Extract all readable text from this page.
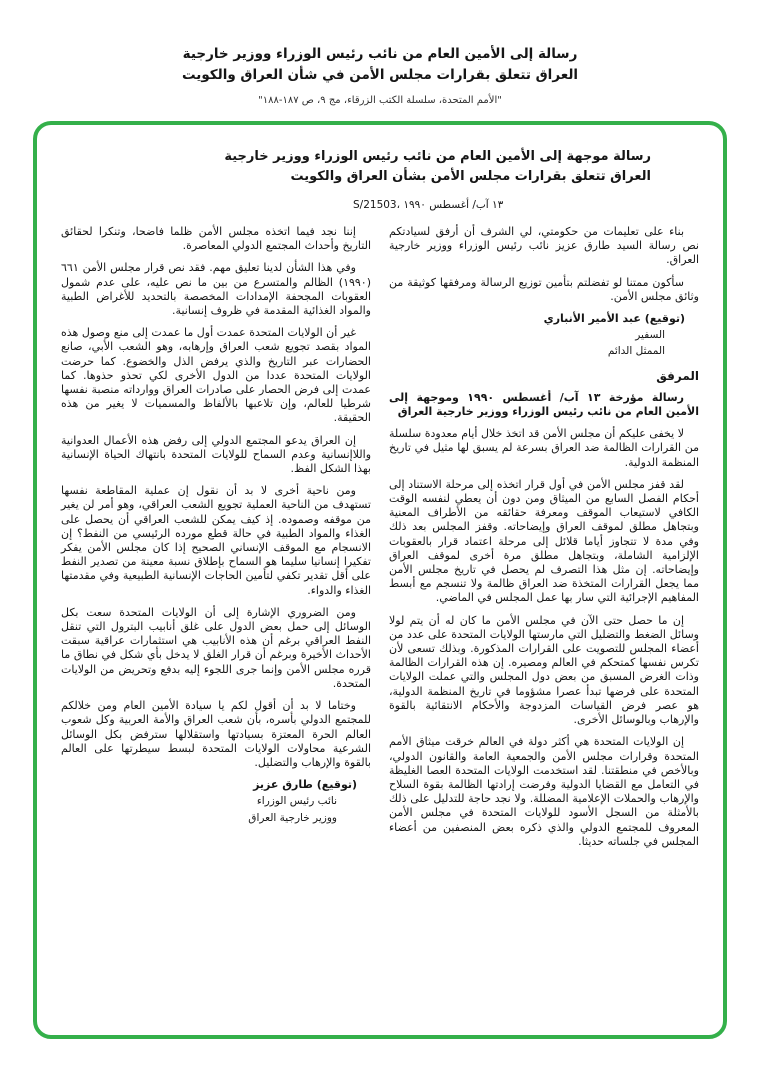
رسالة إلى الأمين العام من نائب رئيس الوزراء ووزير خارجية
العراق تتعلق بقرارات مجلس الأمن في شأن العراق والكويت
"الأمم المتحدة، سلسلة الكتب الزرقاء، مج ٩، ص ١٨٧-١٨٨"
رسالة موجهة إلى الأمين العام من نائب رئيس الوزراء ووزير خارجية
العراق تتعلق بقرارات مجلس الأمن بشأن العراق والكويت
S/21503، ١٣ آب/ أغسطس ١٩٩٠

بناء على تعليمات من حكومتي، لي الشرف أن أرفق لسيادتكم نص رسالة السيد طارق عزيز نائب رئيس الوزراء ووزير خارجية العراق.

سأكون ممتنا لو تفضلتم بتأمين توزيع الرسالة ومرفقها كوثيقة من وثائق مجلس الأمن.

(توقيع) عبد الأمير الأنباري

السفير

الممثل الدائم

المرفق

رسالة مؤرخة ١٣ آب/ أغسطس ١٩٩٠ وموجهة إلى الأمين العام من نائب رئيس الوزراء ووزير خارجية العراق

لا يخفى عليكم أن مجلس الأمن قد اتخذ خلال أيام معدودة سلسلة من القرارات الظالمة ضد العراق بسرعة لم يسبق لها مثيل في تاريخ المنظمة الدولية.

لقد قفز مجلس الأمن في أول قرار اتخذه إلى مرحلة الاستناد إلى أحكام الفصل السابع من الميثاق ومن دون أن يعطي لنفسه الوقت الكافي لاستيعاب الموقف ومعرفة حقائقه من الأطراف المعنية وبتجاهل مطلق لموقف العراق وإيضاحاته. وقفز المجلس بعد ذلك وفي مدة لا تتجاوز أياما قلائل إلى مرحلة اعتماد قرار بالعقوبات الإلزامية الشاملة، وبتجاهل مطلق مرة أخرى لموقف العراق وإيضاحاته. إن مثل هذا التصرف لم يحصل في تاريخ مجلس الأمن مما يجعل القرارات المتخذة ضد العراق ظالمة ولا تنسجم مع أبسط المفاهيم الإجرائية التي سار بها عمل المجلس في الماضي.

إن ما حصل حتى الآن في مجلس الأمن ما كان له أن يتم لولا وسائل الضغط والتضليل التي مارستها الولايات المتحدة على عدد من أعضاء المجلس للتصويت على القرارات المذكورة. وبذلك تسعى لأن تكرس نفسها كمتحكم في العالم ومصيره. إن هذه القرارات الظالمة وذات الغرض المسبق من بعض دول المجلس والتي عملت الولايات المتحدة على فرضها تبدأ عصرا مشؤوما في تاريخ المنظمة الدولية، هو عصر فرض القياسات المزدوجة والأحكام الانتقائية بالقوة والإرهاب وبالوسائل الأخرى.

إن الولايات المتحدة هي أكثر دولة في العالم خرقت ميثاق الأمم المتحدة وقرارات مجلس الأمن والجمعية العامة والقانون الدولي، وبالأخص في منطقتنا. لقد استخدمت الولايات المتحدة العصا الغليظة في التعامل مع القضايا الدولية وفرضت إرادتها الظالمة بقوة السلاح والإرهاب والحملات الإعلامية المضللة. ولا نجد حاجة للتدليل على ذلك بالأمثلة من السجل الأسود للولايات المتحدة في مجلس الأمن المعروف للمجتمع الدولي والذي ذكره بعض المنصفين من أعضاء المجلس في جلساته حديثا.

إننا نجد فيما اتخذه مجلس الأمن ظلما فاضحا، وتنكرا لحقائق التاريخ وأحداث المجتمع الدولي المعاصرة.

وفي هذا الشأن لدينا تعليق مهم. فقد نص قرار مجلس الأمن ٦٦١ (١٩٩٠) الظالم والمتسرع من بين ما نص عليه، على عدم شمول العقوبات المجحفة الإمدادات المخصصة بالتحديد للأغراض الطبية والمواد الغذائية المقدمة في ظروف إنسانية.

غير أن الولايات المتحدة عمدت أول ما عمدت إلى منع وصول هذه المواد بقصد تجويع شعب العراق وإرهابه، وهو الشعب الأبي، صانع الحضارات عبر التاريخ والذي يرفض الذل والخضوع. كما حرضت الولايات المتحدة عددا من الدول الأخرى لكي تحذو حذوها. كما عمدت إلى فرض الحصار على صادرات العراق ووارداته منصبة نفسها شرطيا للعالم، وإن تلاعبها بالألفاظ والمسميات لا يغير من هذه الحقيقة.

إن العراق يدعو المجتمع الدولي إلى رفض هذه الأعمال العدوانية واللاإنسانية وعدم السماح للولايات المتحدة بانتهاك الحياة الإنسانية بهذا الشكل الفظ.

ومن ناحية أخرى لا بد أن نقول إن عملية المقاطعة نفسها تستهدف من الناحية العملية تجويع الشعب العراقي، وهو أمر لن يغير من موقفه وصموده. إذ كيف يمكن للشعب العراقي أن يحصل على الغذاء والمواد الطبية في حالة قطع مورده الرئيسي من النفط؟ إن الانسجام مع الموقف الإنساني الصحيح إذا كان مجلس الأمن يفكر تفكيرا إنسانيا سليما هو السماح بإطلاق نسبة معينة من تصدير النفط على أقل تقدير تكفي لتأمين الحاجات الإنسانية الطبيعية وفي مقدمتها الغذاء والدواء.

ومن الضروري الإشارة إلى أن الولايات المتحدة سعت بكل الوسائل إلى حمل بعض الدول على غلق أنابيب البترول التي تنقل النفط العراقي برغم أن هذه الأنابيب هي استثمارات عراقية سبقت الأحداث الأخيرة وبرغم أن قرار الغلق لا يدخل بأي شكل في نطاق ما قرره مجلس الأمن وإنما جرى اللجوء إليه بدفع وتحريض من الولايات المتحدة.

وختاما لا بد أن أقول لكم يا سيادة الأمين العام ومن خلالكم للمجتمع الدولي بأسره، بأن شعب العراق والأمة العربية وكل شعوب العالم الحرة المعتزة بسيادتها واستقلالها سترفض بكل الوسائل الشرعية محاولات الولايات المتحدة لبسط سيطرتها على العالم بالقوة والإرهاب والتضليل.

(توقيع) طارق عزيز

نائب رئيس الوزراء

ووزير خارجية العراق
